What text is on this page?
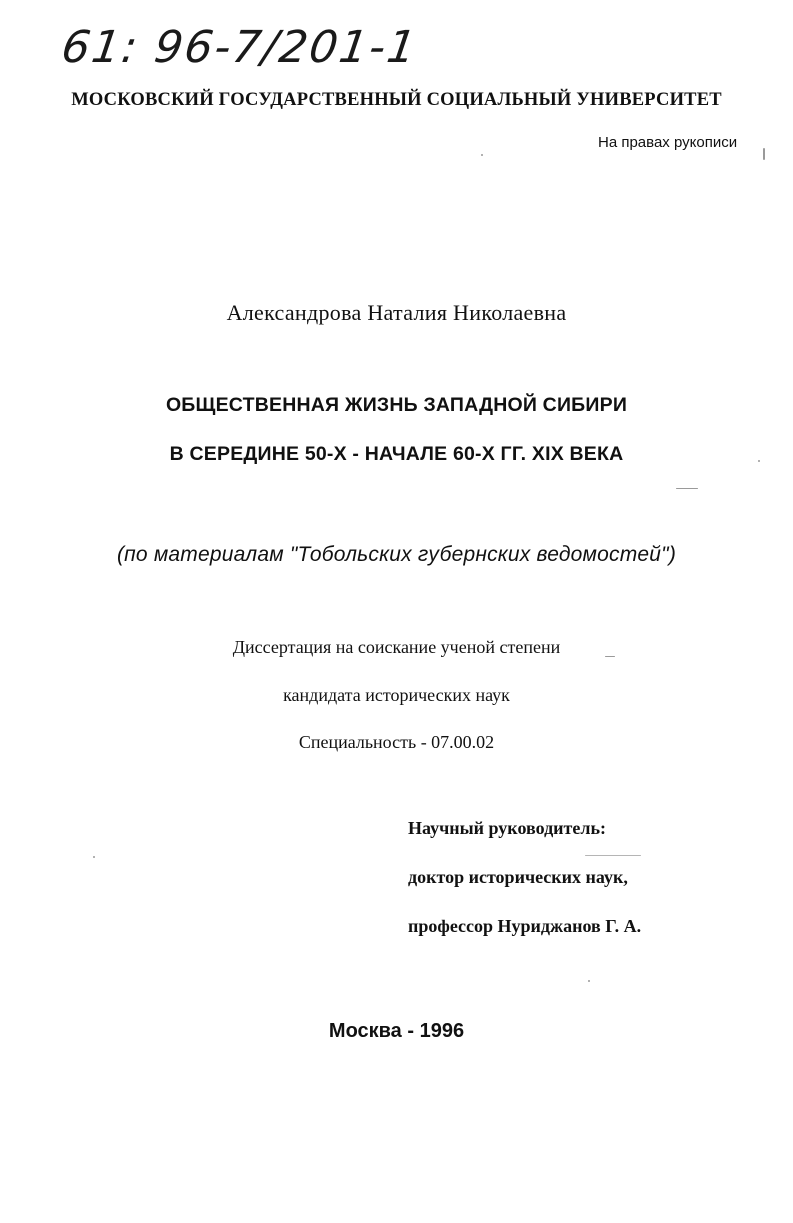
61: 96-7/201-1
МОСКОВСКИЙ ГОСУДАРСТВЕННЫЙ СОЦИАЛЬНЫЙ УНИВЕРСИТЕТ
На правах рукописи
Александрова Наталия Николаевна
ОБЩЕСТВЕННАЯ ЖИЗНЬ ЗАПАДНОЙ СИБИРИ
В СЕРЕДИНЕ 50-Х - НАЧАЛЕ 60-Х ГГ. XIX ВЕКА
(по материалам "Тобольских губернских ведомостей")
Диссертация на соискание ученой степени
кандидата исторических наук
Специальность - 07.00.02
Научный руководитель:
доктор исторических наук,
профессор Нуриджанов Г. А.
Москва - 1996
